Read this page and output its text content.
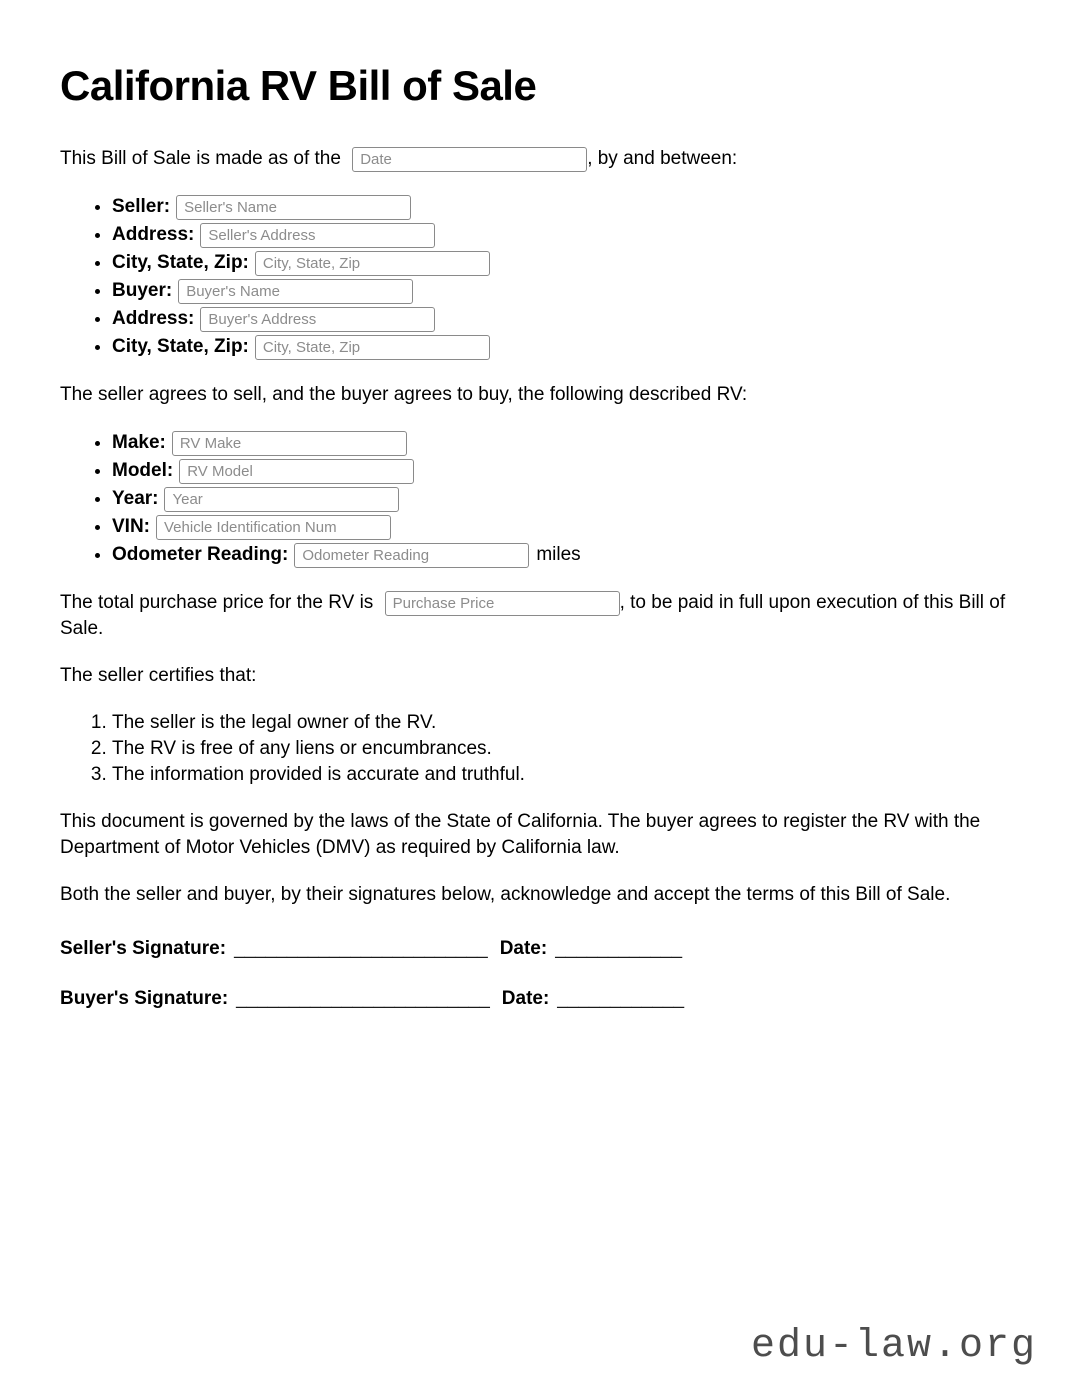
California RV Bill of Sale

This Bill of Sale is made as of the Date	, by and between:

• Seller:Seller's Name
• Address:Seller's Address
• City, State, Zip:City, State, Zip
• Buyer:Buyer's Name
• Address:Buyer's Address
• City, State, Zip:City, State, Zip

The seller agrees to sell, and the buyer agrees to buy, the following described RV:

• Make:RV Make
• Model:RV Model
• Year:Year
• VIN:Vehicle Identification Num
• Odometer Reading:Odometer Reading	miles

The total purchase price for the RV is Purchase Price	, to be paid in full upon execution of this Bill of Sale.

The seller certifies that:

1. The seller is the legal owner of the RV.
2. The RV is free of any liens or encumbrances.
3. The information provided is accurate and truthful.

This document is governed by the laws of the State of California. The buyer agrees to register the RV with the Department of Motor Vehicles (DMV) as required by California law.

Both the seller and buyer, by their signatures below, acknowledge and accept the terms of this Bill of Sale.

Seller's Signature: ________________________ Date: ____________

Buyer's Signature: ________________________ Date: ____________

edu-law.org
